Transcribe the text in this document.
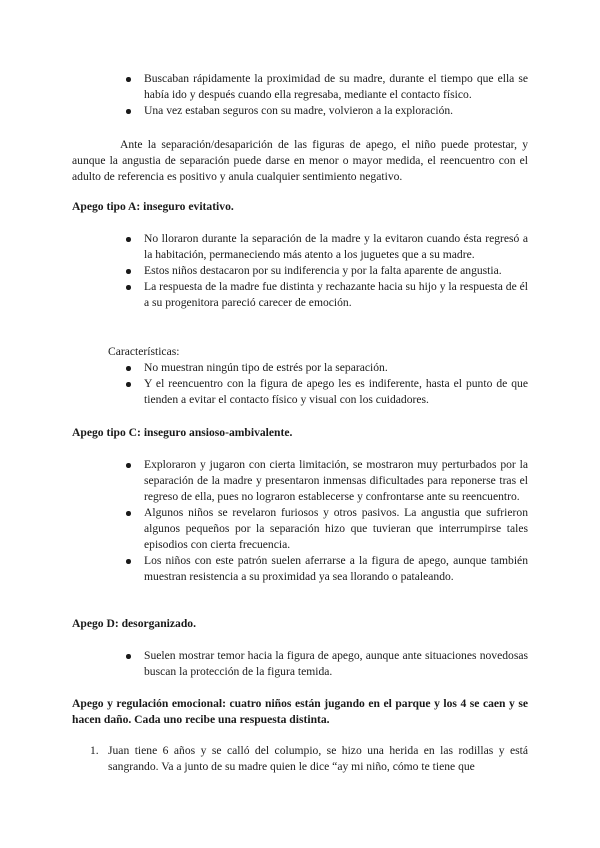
Buscaban rápidamente la proximidad de su madre, durante el tiempo que ella se había ido y después cuando ella regresaba, mediante el contacto físico.
Una vez estaban seguros con su madre, volvieron a la exploración.

Ante la separación/desaparición de las figuras de apego, el niño puede protestar, y aunque la angustia de separación puede darse en menor o mayor medida, el reencuentro con el adulto de referencia es positivo y anula cualquier sentimiento negativo.

Apego tipo A: inseguro evitativo.

No lloraron durante la separación de la madre y la evitaron cuando ésta regresó a la habitación, permaneciendo más atento a los juguetes que a su madre.
Estos niños destacaron por su indiferencia y por la falta aparente de angustia.
La respuesta de la madre fue distinta y rechazante hacia su hijo y la respuesta de él a su progenitora pareció carecer de emoción.

Características:

No muestran ningún tipo de estrés por la separación.
Y el reencuentro con la figura de apego les es indiferente, hasta el punto de que tienden a evitar el contacto físico y visual con los cuidadores.

Apego tipo C: inseguro ansioso-ambivalente.

Exploraron y jugaron con cierta limitación, se mostraron muy perturbados por la separación de la madre y presentaron inmensas dificultades para reponerse tras el regreso de ella, pues no lograron establecerse y confrontarse ante su reencuentro.
Algunos niños se revelaron furiosos y otros pasivos. La angustia que sufrieron algunos pequeños por la separación hizo que tuvieran que interrumpirse tales episodios con cierta frecuencia.
Los niños con este patrón suelen aferrarse a la figura de apego, aunque también muestran resistencia a su proximidad ya sea llorando o pataleando.

Apego D: desorganizado.

Suelen mostrar temor hacia la figura de apego, aunque ante situaciones novedosas buscan la protección de la figura temida.

Apego y regulación emocional: cuatro niños están jugando en el parque y los 4 se caen y se hacen daño. Cada uno recibe una respuesta distinta.

1. Juan tiene 6 años y se calló del columpio, se hizo una herida en las rodillas y está sangrando. Va a junto de su madre quien le dice “ay mi niño, cómo te tiene que
